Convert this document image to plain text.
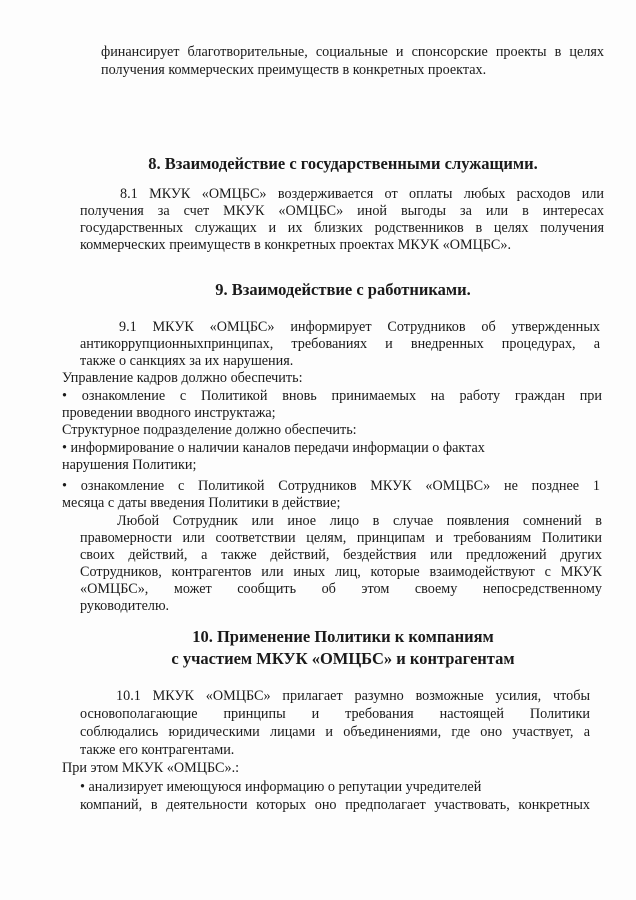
финансирует благотворительные, социальные и спонсорские проекты в целях
получения коммерческих преимуществ в конкретных проектах.
8. Взаимодействие с государственными служащими.
8.1 МКУК «ОМЦБС» воздерживается от оплаты любых расходов или
получения за счет МКУК «ОМЦБС» иной выгоды за или в интересах
государственных служащих и их близких родственников в целях получения
коммерческих преимуществ в конкретных проектах МКУК «ОМЦБС».
9. Взаимодействие с работниками.
9.1 МКУК «ОМЦБС» информирует Сотрудников об утвержденных
антикоррупционныхпринципах, требованиях и внедренных процедурах, а
также о санкциях за их нарушения.
Управление кадров должно обеспечить:
• ознакомление с Политикой вновь принимаемых на работу граждан при
проведении вводного инструктажа;
Структурное подразделение должно обеспечить:
• информирование о наличии каналов передачи информации о фактах
нарушения Политики;
• ознакомление с Политикой Сотрудников МКУК «ОМЦБС» не позднее 1
месяца с даты введения Политики в действие;
Любой Сотрудник или иное лицо в случае появления сомнений в
правомерности или соответствии целям, принципам и требованиям Политики
своих действий, а также действий, бездействия или предложений других
Сотрудников, контрагентов или иных лиц, которые взаимодействуют с МКУК
«ОМЦБС», может сообщить об этом своему непосредственному
руководителю.
10. Применение Политики к компаниям
с участием МКУК «ОМЦБС» и контрагентам
10.1 МКУК «ОМЦБС» прилагает разумно возможные усилия, чтобы
основополагающие принципы и требования настоящей Политики
соблюдались юридическими лицами и объединениями, где оно участвует, а
также его контрагентами.
При этом МКУК «ОМЦБС».:
• анализирует имеющуюся информацию о репутации учредителей
компаний, в деятельности которых оно предполагает участвовать, конкретных
